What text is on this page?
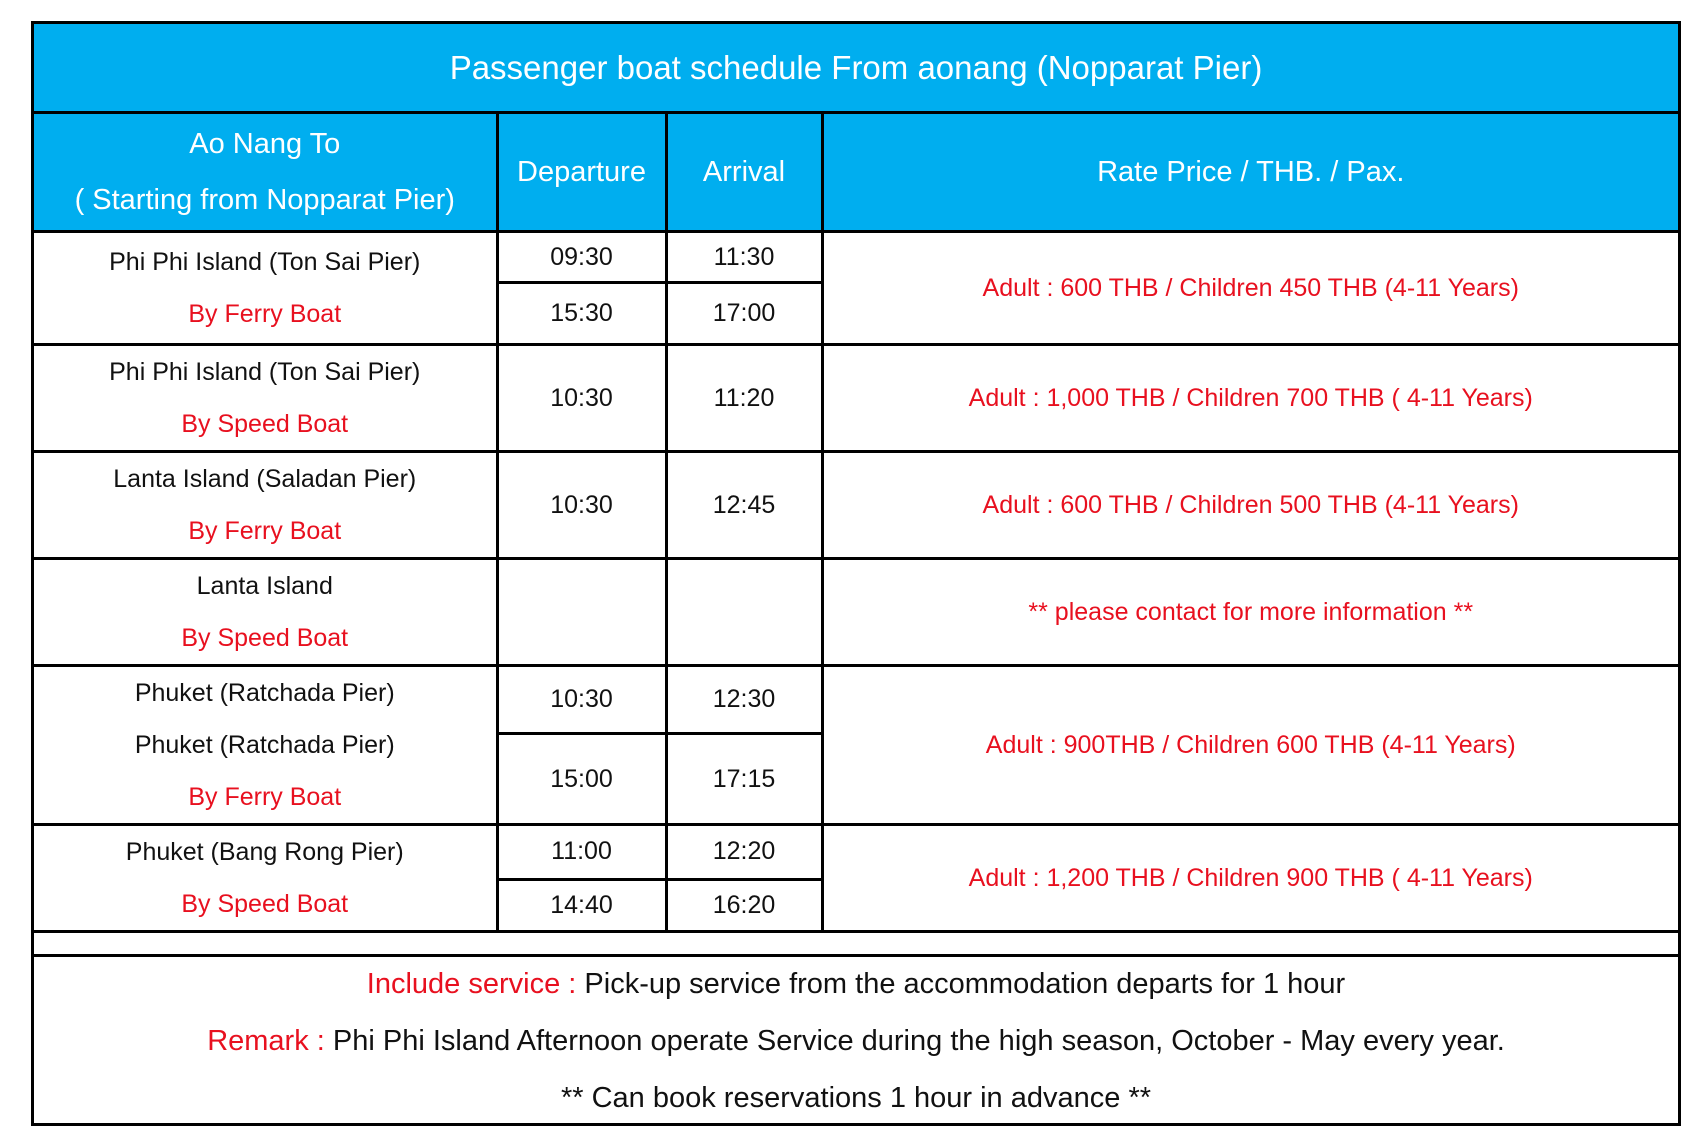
Passenger boat schedule From aonang (Nopparat Pier)
Ao Nang To
( Starting from Nopparat Pier)	Departure	Arrival	Rate Price / THB. / Pax.

Phi Phi Island (Ton Sai Pier)
By Ferry Boat	09:30	11:30	Adult : 600 THB / Children 450 THB (4-11 Years)
	15:30	17:00	

Phi Phi Island (Ton Sai Pier)
By Speed Boat	10:30	11:20	Adult : 1,000 THB / Children 700 THB ( 4-11 Years)

Lanta Island (Saladan Pier)
By Ferry Boat	10:30	12:45	Adult : 600 THB / Children 500 THB (4-11 Years)

Lanta Island
By Speed Boat			** please contact for more information **

Phuket (Ratchada Pier)
Phuket (Ratchada Pier)
By Ferry Boat	10:30	12:30	Adult : 900THB / Children 600 THB (4-11 Years)
	15:00	17:15	

Phuket (Bang Rong Pier)
By Speed Boat	11:00	12:20	Adult : 1,200 THB / Children 900 THB ( 4-11 Years)
	14:40	16:20	
Include service : Pick-up service from the accommodation departs for 1 hour
Remark : Phi Phi Island Afternoon operate Service during the high season, October - May every year.
** Can book reservations 1 hour in advance **
